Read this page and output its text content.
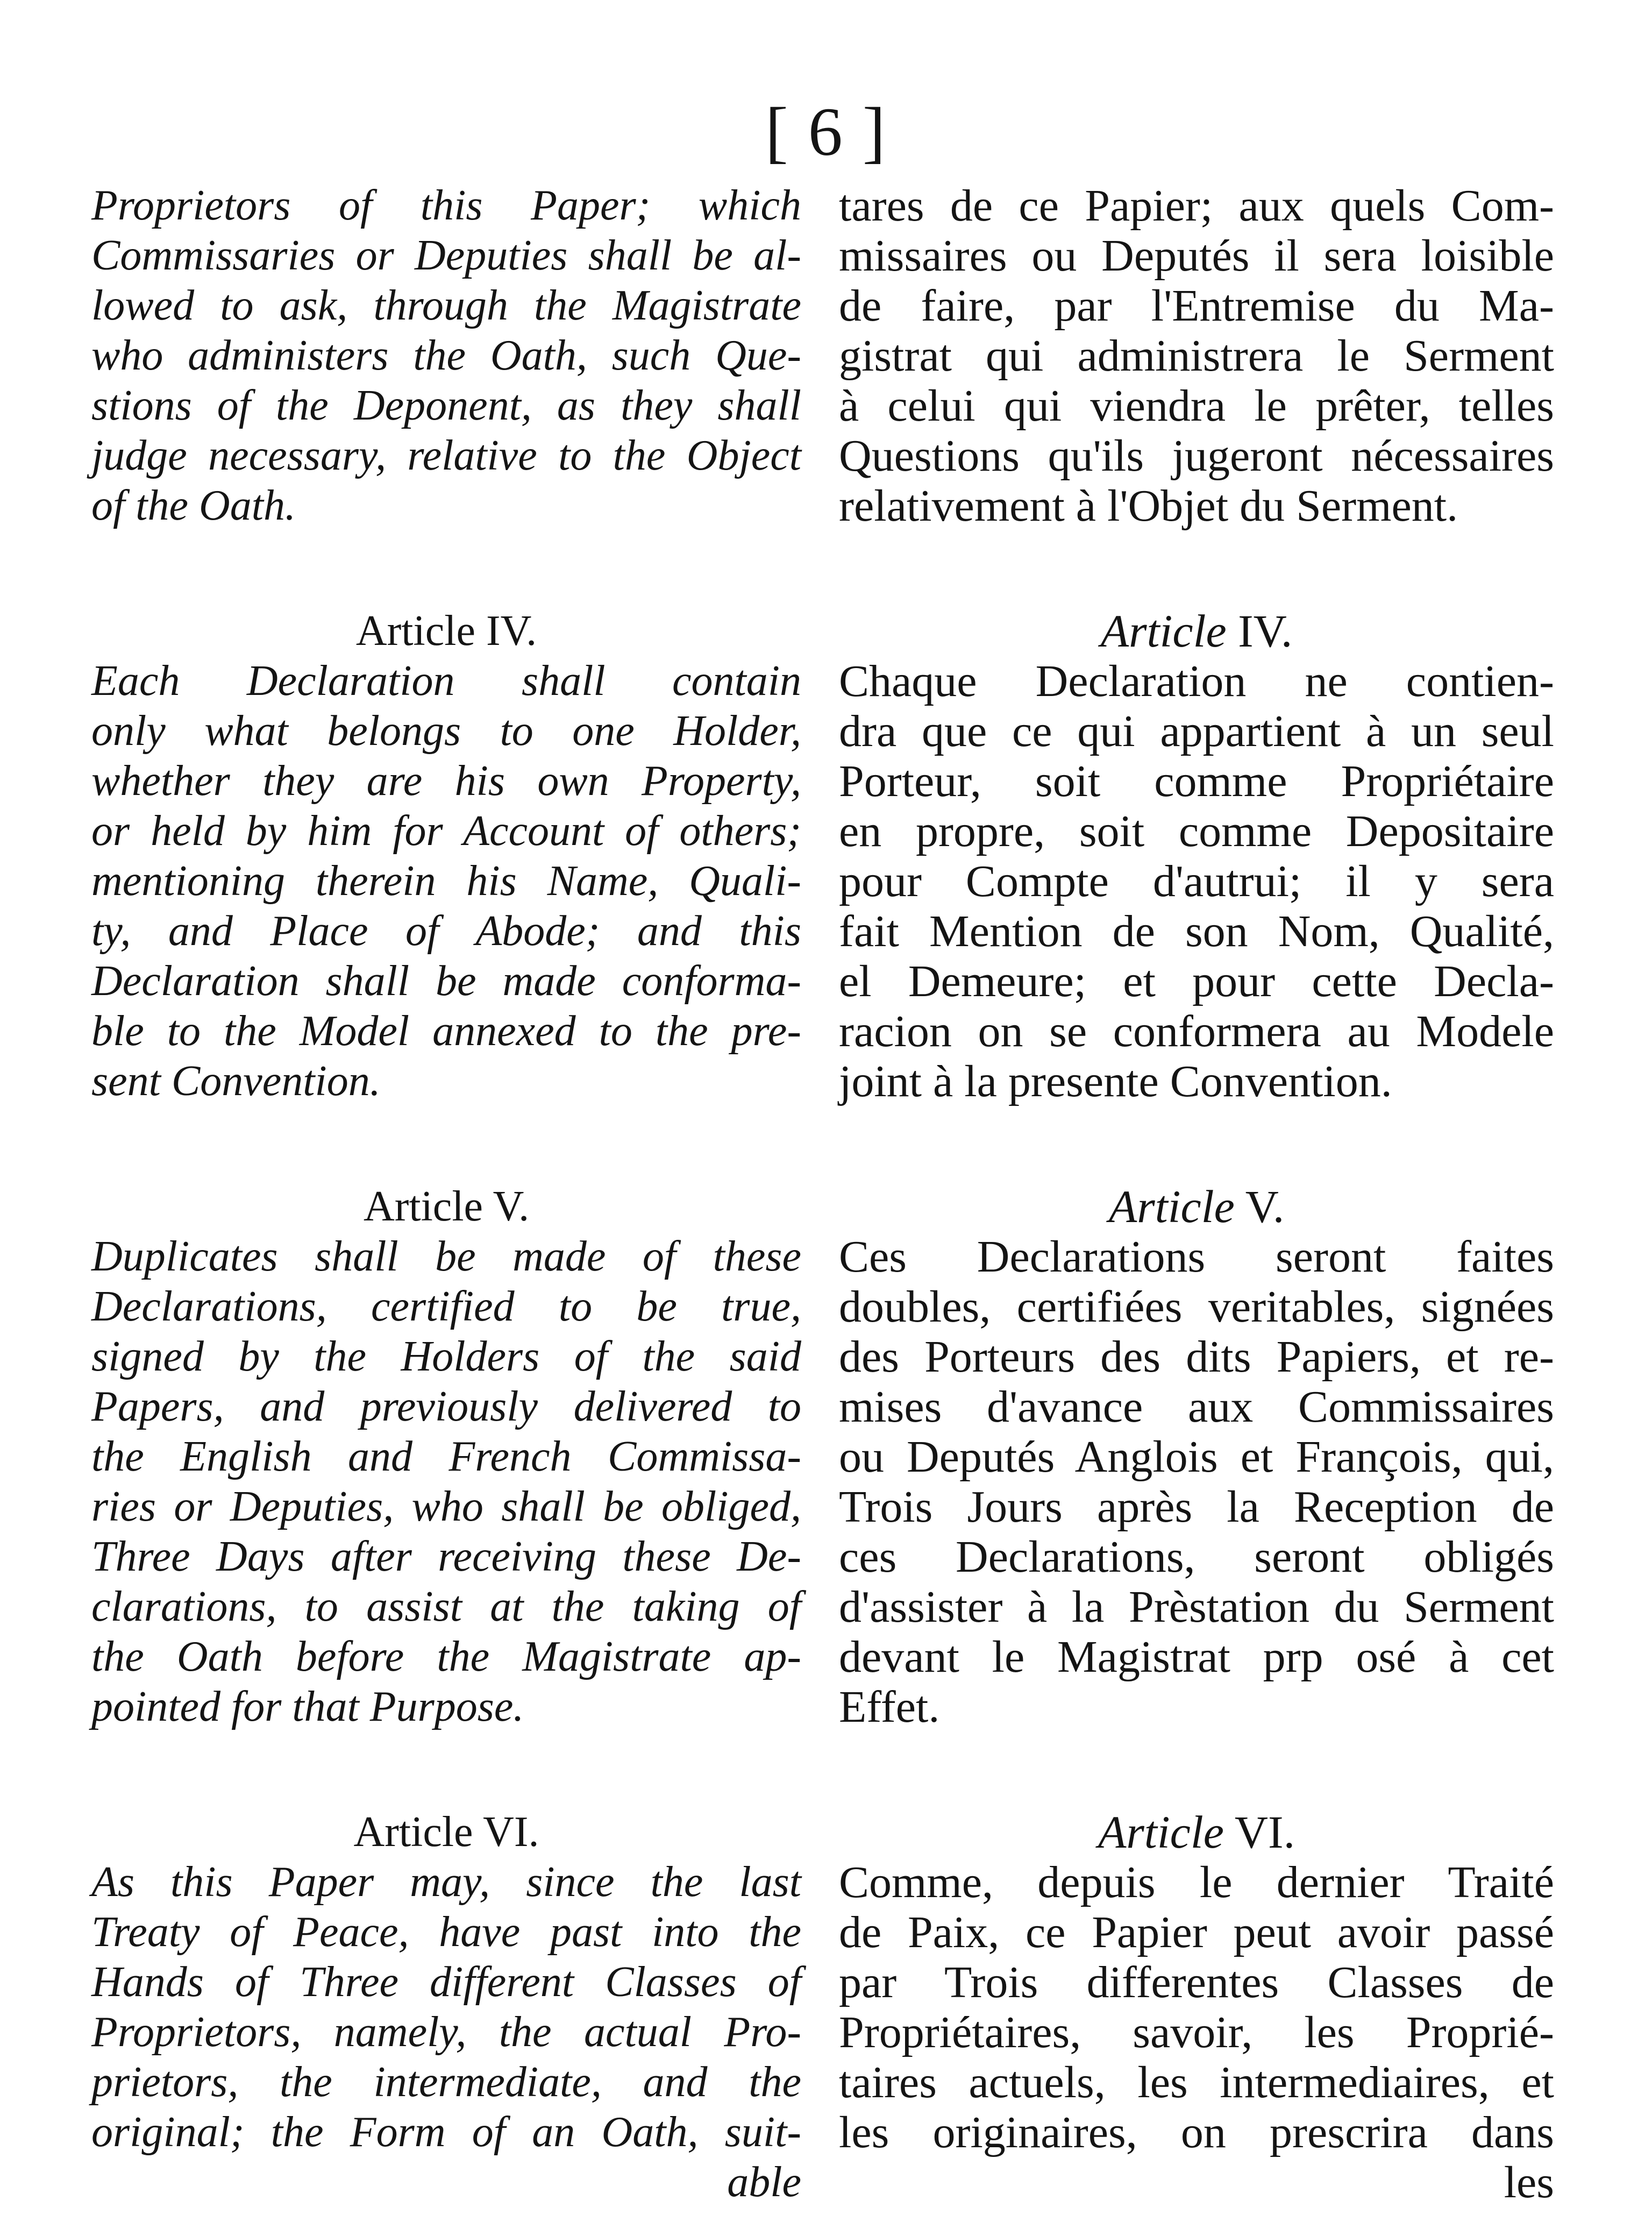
[ 6 ]
Proprietors of this Paper; which
Commissaries or Deputies shall be al-
lowed to ask, through the Magistrate
who administers the Oath, such Que-
stions of the Deponent, as they shall
judge necessary, relative to the Object
of the Oath.
Article IV.
Each Declaration shall contain
only what belongs to one Holder,
whether they are his own Property,
or held by him for Account of others;
mentioning therein his Name, Quali-
ty, and Place of Abode; and this
Declaration shall be made conforma-
ble to the Model annexed to the pre-
sent Convention.
Article V.
Duplicates shall be made of these
Declarations, certified to be true,
signed by the Holders of the said
Papers, and previously delivered to
the English and French Commissa-
ries or Deputies, who shall be obliged,
Three Days after receiving these De-
clarations, to assist at the taking of
the Oath before the Magistrate ap-
pointed for that Purpose.
Article VI.
As this Paper may, since the last
Treaty of Peace, have past into the
Hands of Three different Classes of
Proprietors, namely, the actual Pro-
prietors, the intermediate, and the
original; the Form of an Oath, suit-
able
tares de ce Papier; aux quels Com-
missaires ou Deputés il sera loisible
de faire, par l'Entremise du Ma-
gistrat qui administrera le Serment
à celui qui viendra le prêter, telles
Questions qu'ils jugeront nécessaires
relativement à l'Objet du Serment.
Article IV.
Chaque Declaration ne contien-
dra que ce qui appartient à un seul
Porteur, soit comme Propriétaire
en propre, soit comme Depositaire
pour Compte d'autrui; il y sera
fait Mention de son Nom, Qualité,
el Demeure; et pour cette Decla-
racion on se conformera au Modele
joint à la presente Convention.
Article V.
Ces Declarations seront faites
doubles, certifiées veritables, signées
des Porteurs des dits Papiers, et re-
mises d'avance aux Commissaires
ou Deputés Anglois et François, qui,
Trois Jours après la Reception de
ces Declarations, seront obligés
d'assister à la Prèstation du Serment
devant le Magistrat prp osé à cet
Effet.
Article VI.
Comme, depuis le dernier Traité
de Paix, ce Papier peut avoir passé
par Trois differentes Classes de
Propriétaires, savoir, les Proprié-
taires actuels, les intermediaires, et
les originaires, on prescrira dans
les
